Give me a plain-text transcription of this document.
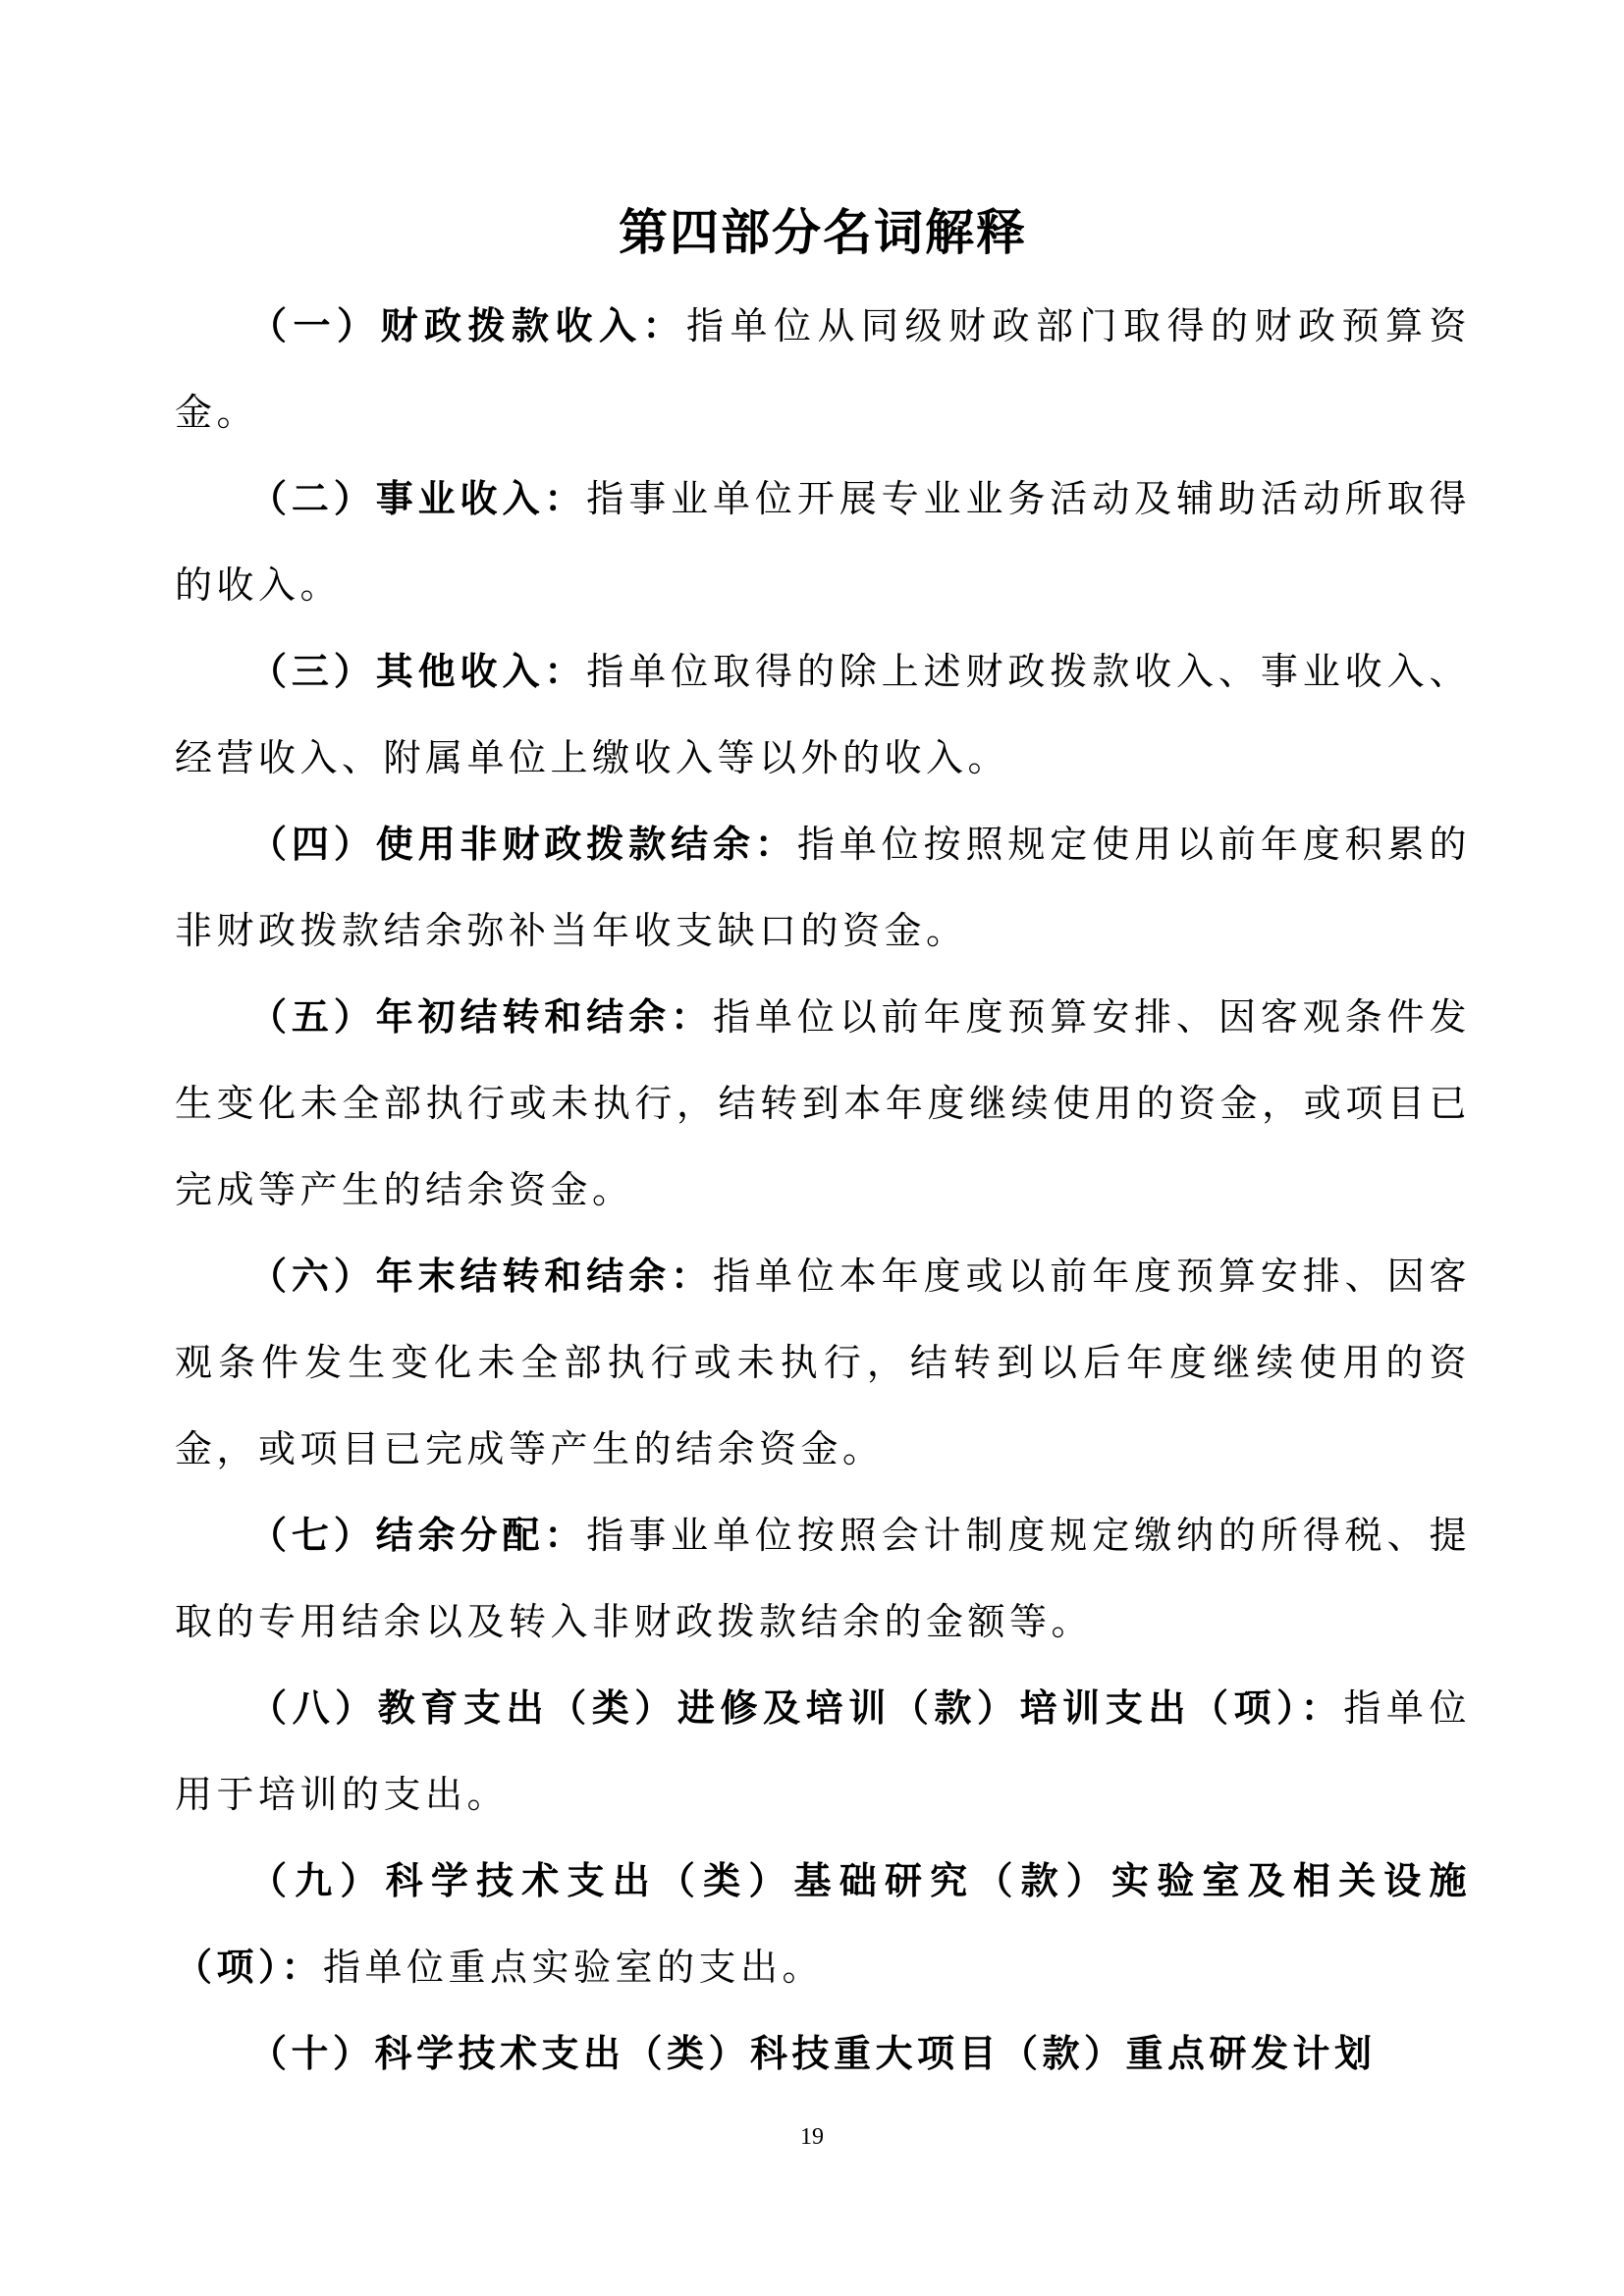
第四部分名词解释

（一）财政拨款收入：指单位从同级财政部门取得的财政预算资金。

（二）事业收入：指事业单位开展专业业务活动及辅助活动所取得的收入。

（三）其他收入：指单位取得的除上述财政拨款收入、事业收入、经营收入、附属单位上缴收入等以外的收入。

（四）使用非财政拨款结余：指单位按照规定使用以前年度积累的非财政拨款结余弥补当年收支缺口的资金。

（五）年初结转和结余：指单位以前年度预算安排、因客观条件发生变化未全部执行或未执行，结转到本年度继续使用的资金，或项目已完成等产生的结余资金。

（六）年末结转和结余：指单位本年度或以前年度预算安排、因客观条件发生变化未全部执行或未执行，结转到以后年度继续使用的资金，或项目已完成等产生的结余资金。

（七）结余分配：指事业单位按照会计制度规定缴纳的所得税、提取的专用结余以及转入非财政拨款结余的金额等。

（八）教育支出（类）进修及培训（款）培训支出（项）：指单位用于培训的支出。

（九）科学技术支出（类）基础研究（款）实验室及相关设施（项）：指单位重点实验室的支出。

（十）科学技术支出（类）科技重大项目（款）重点研发计划

19
